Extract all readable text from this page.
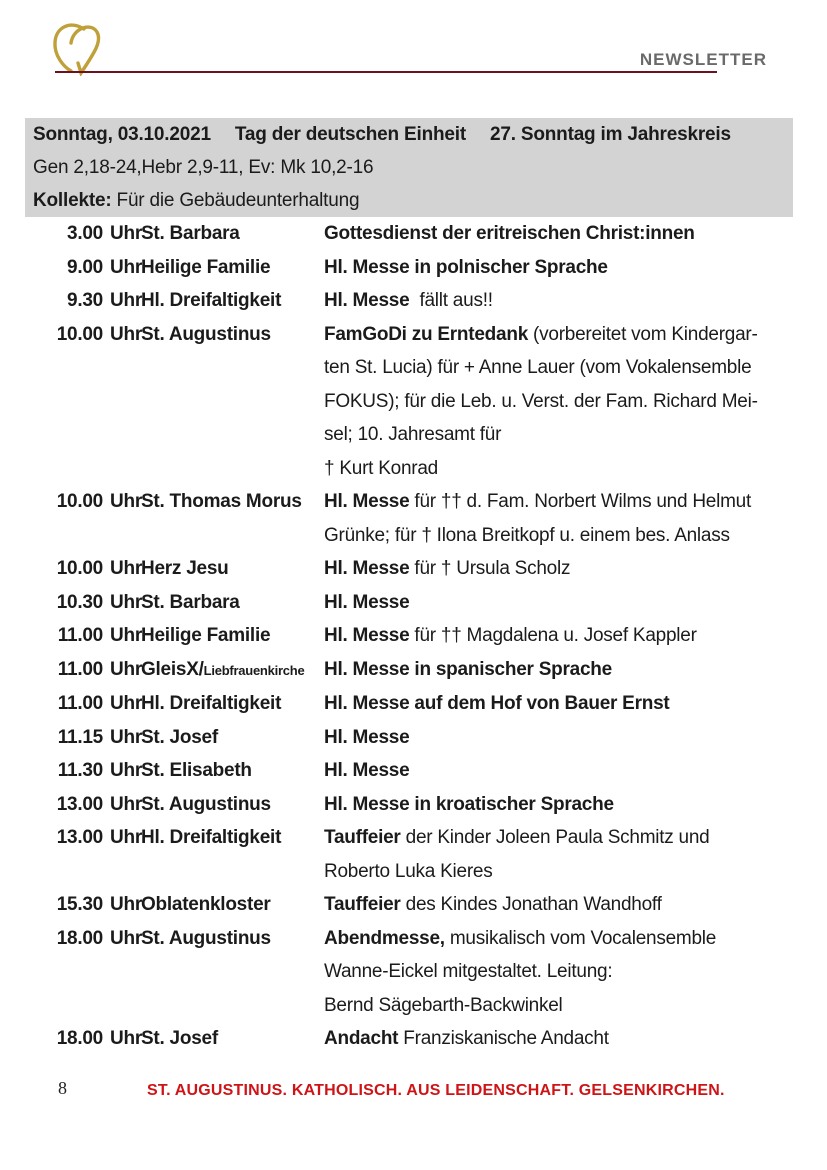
NEWSLETTER
Sonntag, 03.10.2021 Tag der deutschen Einheit 27. Sonntag im Jahreskreis
Gen 2,18-24,Hebr 2,9-11, Ev: Mk 10,2-16
Kollekte: Für die Gebäudeunterhaltung
3.00 Uhr St. Barbara	Gottesdienst der eritreischen Christ:innen
9.00 Uhr Heilige Familie	Hl. Messe in polnischer Sprache
9.30 Uhr Hl. Dreifaltigkeit	Hl. Messe  fällt aus!!
10.00 Uhr St. Augustinus	FamGoDi zu Erntedank (vorbereitet vom Kindergar-
ten St. Lucia) für + Anne Lauer (vom Vokalensemble
FOKUS); für die Leb. u. Verst. der Fam. Richard Mei-
sel; 10. Jahresamt für
† Kurt Konrad
10.00 Uhr St. Thomas Morus	Hl. Messe für †† d. Fam. Norbert Wilms und Helmut
Grünke; für † Ilona Breitkopf u. einem bes. Anlass
10.00 Uhr Herz Jesu	Hl. Messe für † Ursula Scholz
10.30 Uhr St. Barbara	Hl. Messe
11.00 Uhr Heilige Familie	Hl. Messe für †† Magdalena u. Josef Kappler
11.00 Uhr GleisX/Liebfrauenkirche	Hl. Messe in spanischer Sprache
11.00 Uhr Hl. Dreifaltigkeit	Hl. Messe auf dem Hof von Bauer Ernst
11.15 Uhr St. Josef	Hl. Messe
11.30 Uhr St. Elisabeth	Hl. Messe
13.00 Uhr St. Augustinus	Hl. Messe in kroatischer Sprache
13.00 Uhr Hl. Dreifaltigkeit	Tauffeier der Kinder Joleen Paula Schmitz und
Roberto Luka Kieres
15.30 Uhr Oblatenkloster	Tauffeier des Kindes Jonathan Wandhoff
18.00 Uhr St. Augustinus	Abendmesse, musikalisch vom Vocalensemble
Wanne-Eickel mitgestaltet. Leitung:
Bernd Sägebarth-Backwinkel
18.00 Uhr St. Josef	Andacht Franziskanische Andacht
8	ST. AUGUSTINUS. KATHOLISCH. AUS LEIDENSCHAFT. GELSENKIRCHEN.
